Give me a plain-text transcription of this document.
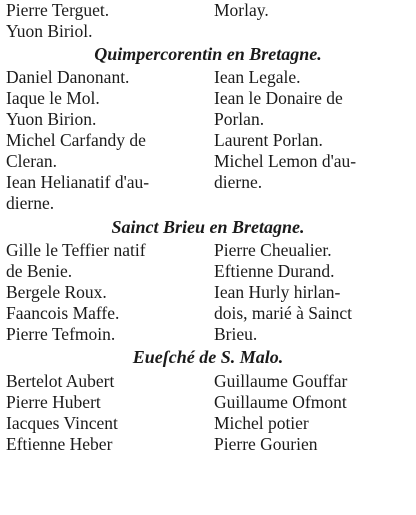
Pierre Terguet.	Morlay.
Yuon Biriol.
Quimpercorentin en Bretagne.
Daniel Danonant.
Iaque le Mol.
Yuon Birion.
Michel Carfandy de
Cleran.
Iean Helianatif d'au-
dierne.
Iean Legale.
Iean le Donaire de
Porlan.
Laurent Porlan.
Michel Lemon d'au-
dierne.
Sainct Brieu en Bretagne.
Gille le Teffier natif
de Benie.
Bergele Roux.
Faancois Maffe.
Pierre Tefmoin.
Pierre Cheualier.
Eftienne Durand.
Iean Hurly hirlan-
dois, marié à Sainct
Brieu.
Eueſché de S. Malo.
Bertelot Aubert
Pierre Hubert
Iacques Vincent
Eftienne Heber
Guillaume Gouffar
Guillaume Ofmont
Michel potier
Pierre Gourien
